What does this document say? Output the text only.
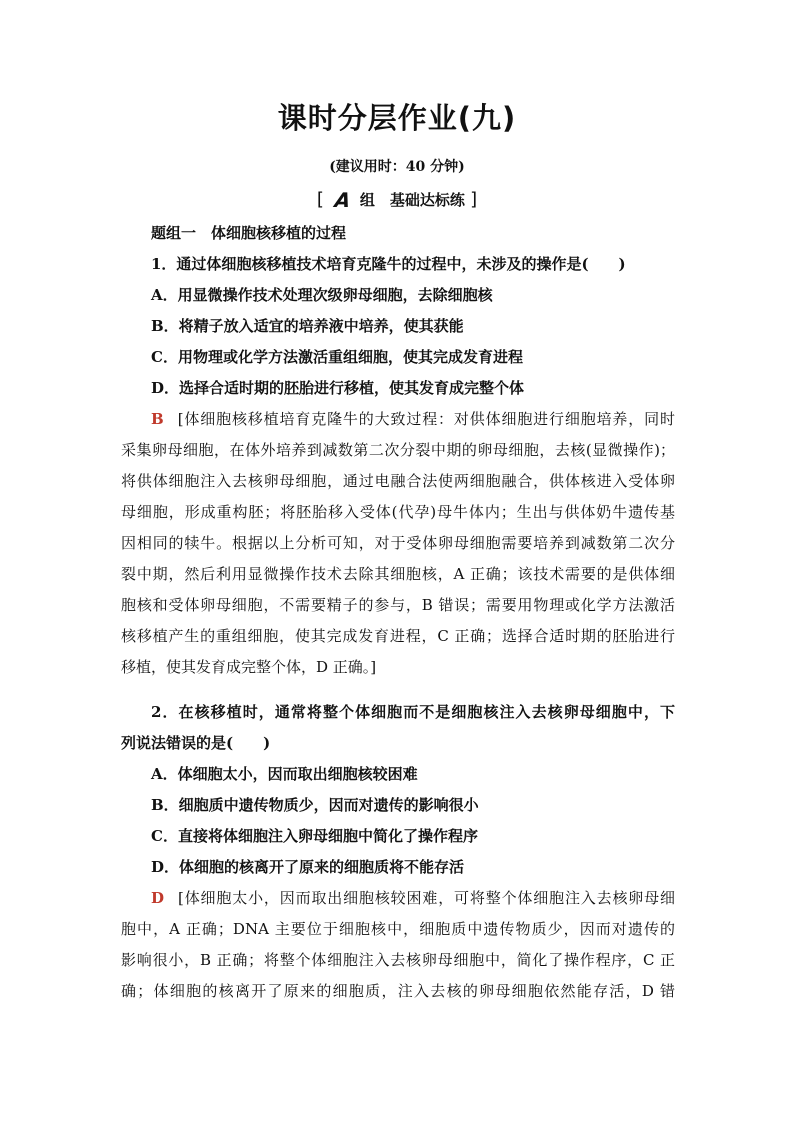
课时分层作业(九)
(建议用时：40 分钟)
[ A 组　基础达标练 ]
题组一　体细胞核移植的过程
1．通过体细胞核移植技术培育克隆牛的过程中，未涉及的操作是(　　)
A．用显微操作技术处理次级卵母细胞，去除细胞核
B．将精子放入适宜的培养液中培养，使其获能
C．用物理或化学方法激活重组细胞，使其完成发育进程
D．选择合适时期的胚胎进行移植，使其发育成完整个体
B [体细胞核移植培育克隆牛的大致过程：对供体细胞进行细胞培养，同时
采集卵母细胞，在体外培养到减数第二次分裂中期的卵母细胞，去核(显微操作)；
将供体细胞注入去核卵母细胞，通过电融合法使两细胞融合，供体核进入受体卵
母细胞，形成重构胚；将胚胎移入受体(代孕)母牛体内；生出与供体奶牛遗传基
因相同的犊牛。根据以上分析可知，对于受体卵母细胞需要培养到减数第二次分
裂中期，然后利用显微操作技术去除其细胞核，A 正确；该技术需要的是供体细
胞核和受体卵母细胞，不需要精子的参与，B 错误；需要用物理或化学方法激活
核移植产生的重组细胞，使其完成发育进程，C 正确；选择合适时期的胚胎进行
移植，使其发育成完整个体，D 正确。]
2．在核移植时，通常将整个体细胞而不是细胞核注入去核卵母细胞中，下
列说法错误的是(　　)
A．体细胞太小，因而取出细胞核较困难
B．细胞质中遗传物质少，因而对遗传的影响很小
C．直接将体细胞注入卵母细胞中简化了操作程序
D．体细胞的核离开了原来的细胞质将不能存活
D [体细胞太小，因而取出细胞核较困难，可将整个体细胞注入去核卵母细
胞中，A 正确；DNA 主要位于细胞核中，细胞质中遗传物质少，因而对遗传的
影响很小，B 正确；将整个体细胞注入去核卵母细胞中，简化了操作程序，C 正
确；体细胞的核离开了原来的细胞质，注入去核的卵母细胞依然能存活，D 错
